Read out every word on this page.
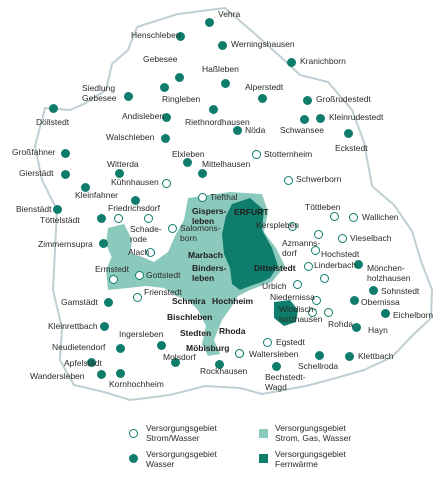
Vehra
Henschleben
Werningshausen
Gebesee	Kranichborn
Haßleben
Siedlung
Gebesee	Ringleben
Alperstedt
Großrudestedt
Döllstedt
Andisleben
Riethnordhausen	Kleinrudestedt
Schwansee
Nöda
Walschleben
Eckstedt
Großfahner	Elxleben	Stotternheim
Witterda	Mittelhausen
Gierstädt
Kühnhausen	Schwerborn
Kleinfahner	Tiefthal
Bienstädt	Friedrichsdorf	Gispers-
leben
ERFURT	Töttleben
Töttelstädt	Wallichen
Schade-
rode
Salomons-
born
Kerspleben
Zimmernsupra
Vieselbach
Alach
Azmanns-
dorf	Hochstedt
Marbach
Ermstedt
Gottstedt
Binders-
leben
Dittelstedt Linderbach Mönchen-
holzhausen
Sohnstedt
Urbich
Frienstedt	Niedernissa	Obernissa
Schmira Hochheim
Gamstädt
Eichelborn
Windisch-
holzhausen
Rohda
Bischleben
Hayn
Kleinrettbach
Ingersleben Stedten Rhoda
Egstedt
Neudietendorf	Möbisburg
Molsdorf	Waltersleben	Klettbach
Apfelstädt
Rockhausen	Schellroda
Wandersleben
Kornhochheim
Bechstedt-
Wagd
Versorgungsgebiet
Strom/Wasser
Versorgungsgebiet
Strom, Gas, Wasser
Versorgungsgebiet
Wasser
Versorgungsgebiet
Fernwärme
